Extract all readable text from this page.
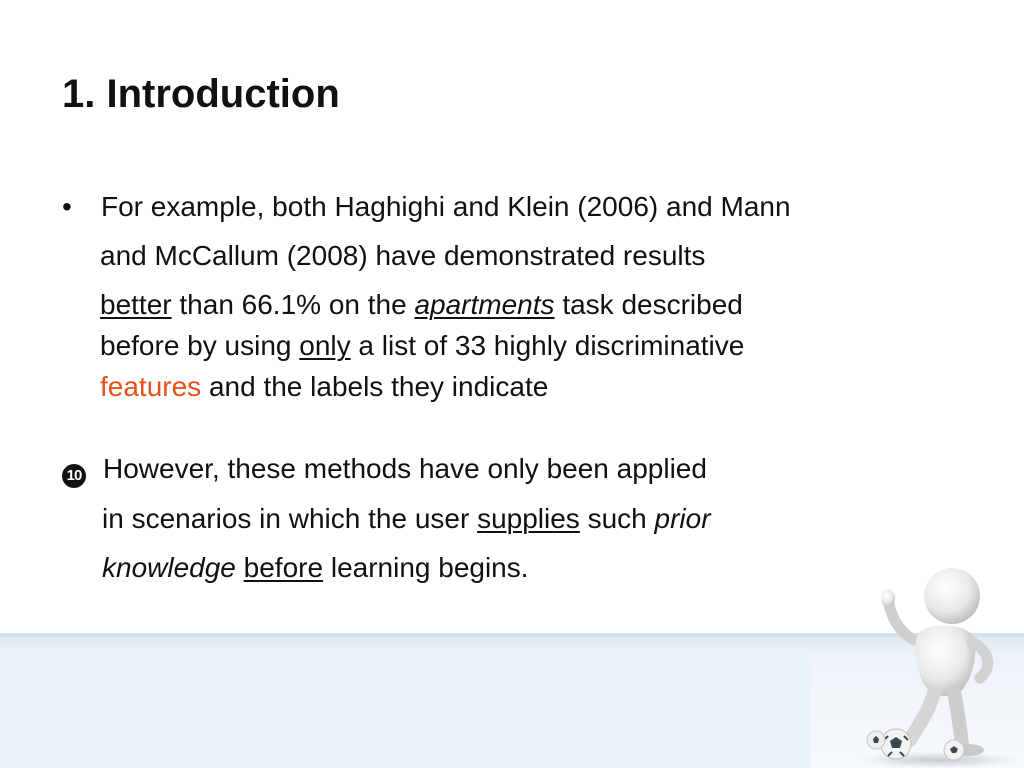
1. Introduction
• For example, both Haghighi and Klein (2006) and Mann
and McCallum (2008) have demonstrated results
better than 66.1% on the apartments task described
before by using only a list of 33 highly discriminative
features and the labels they indicate
10 However, these methods have only been applied
in scenarios in which the user supplies such prior
knowledge before learning begins.
